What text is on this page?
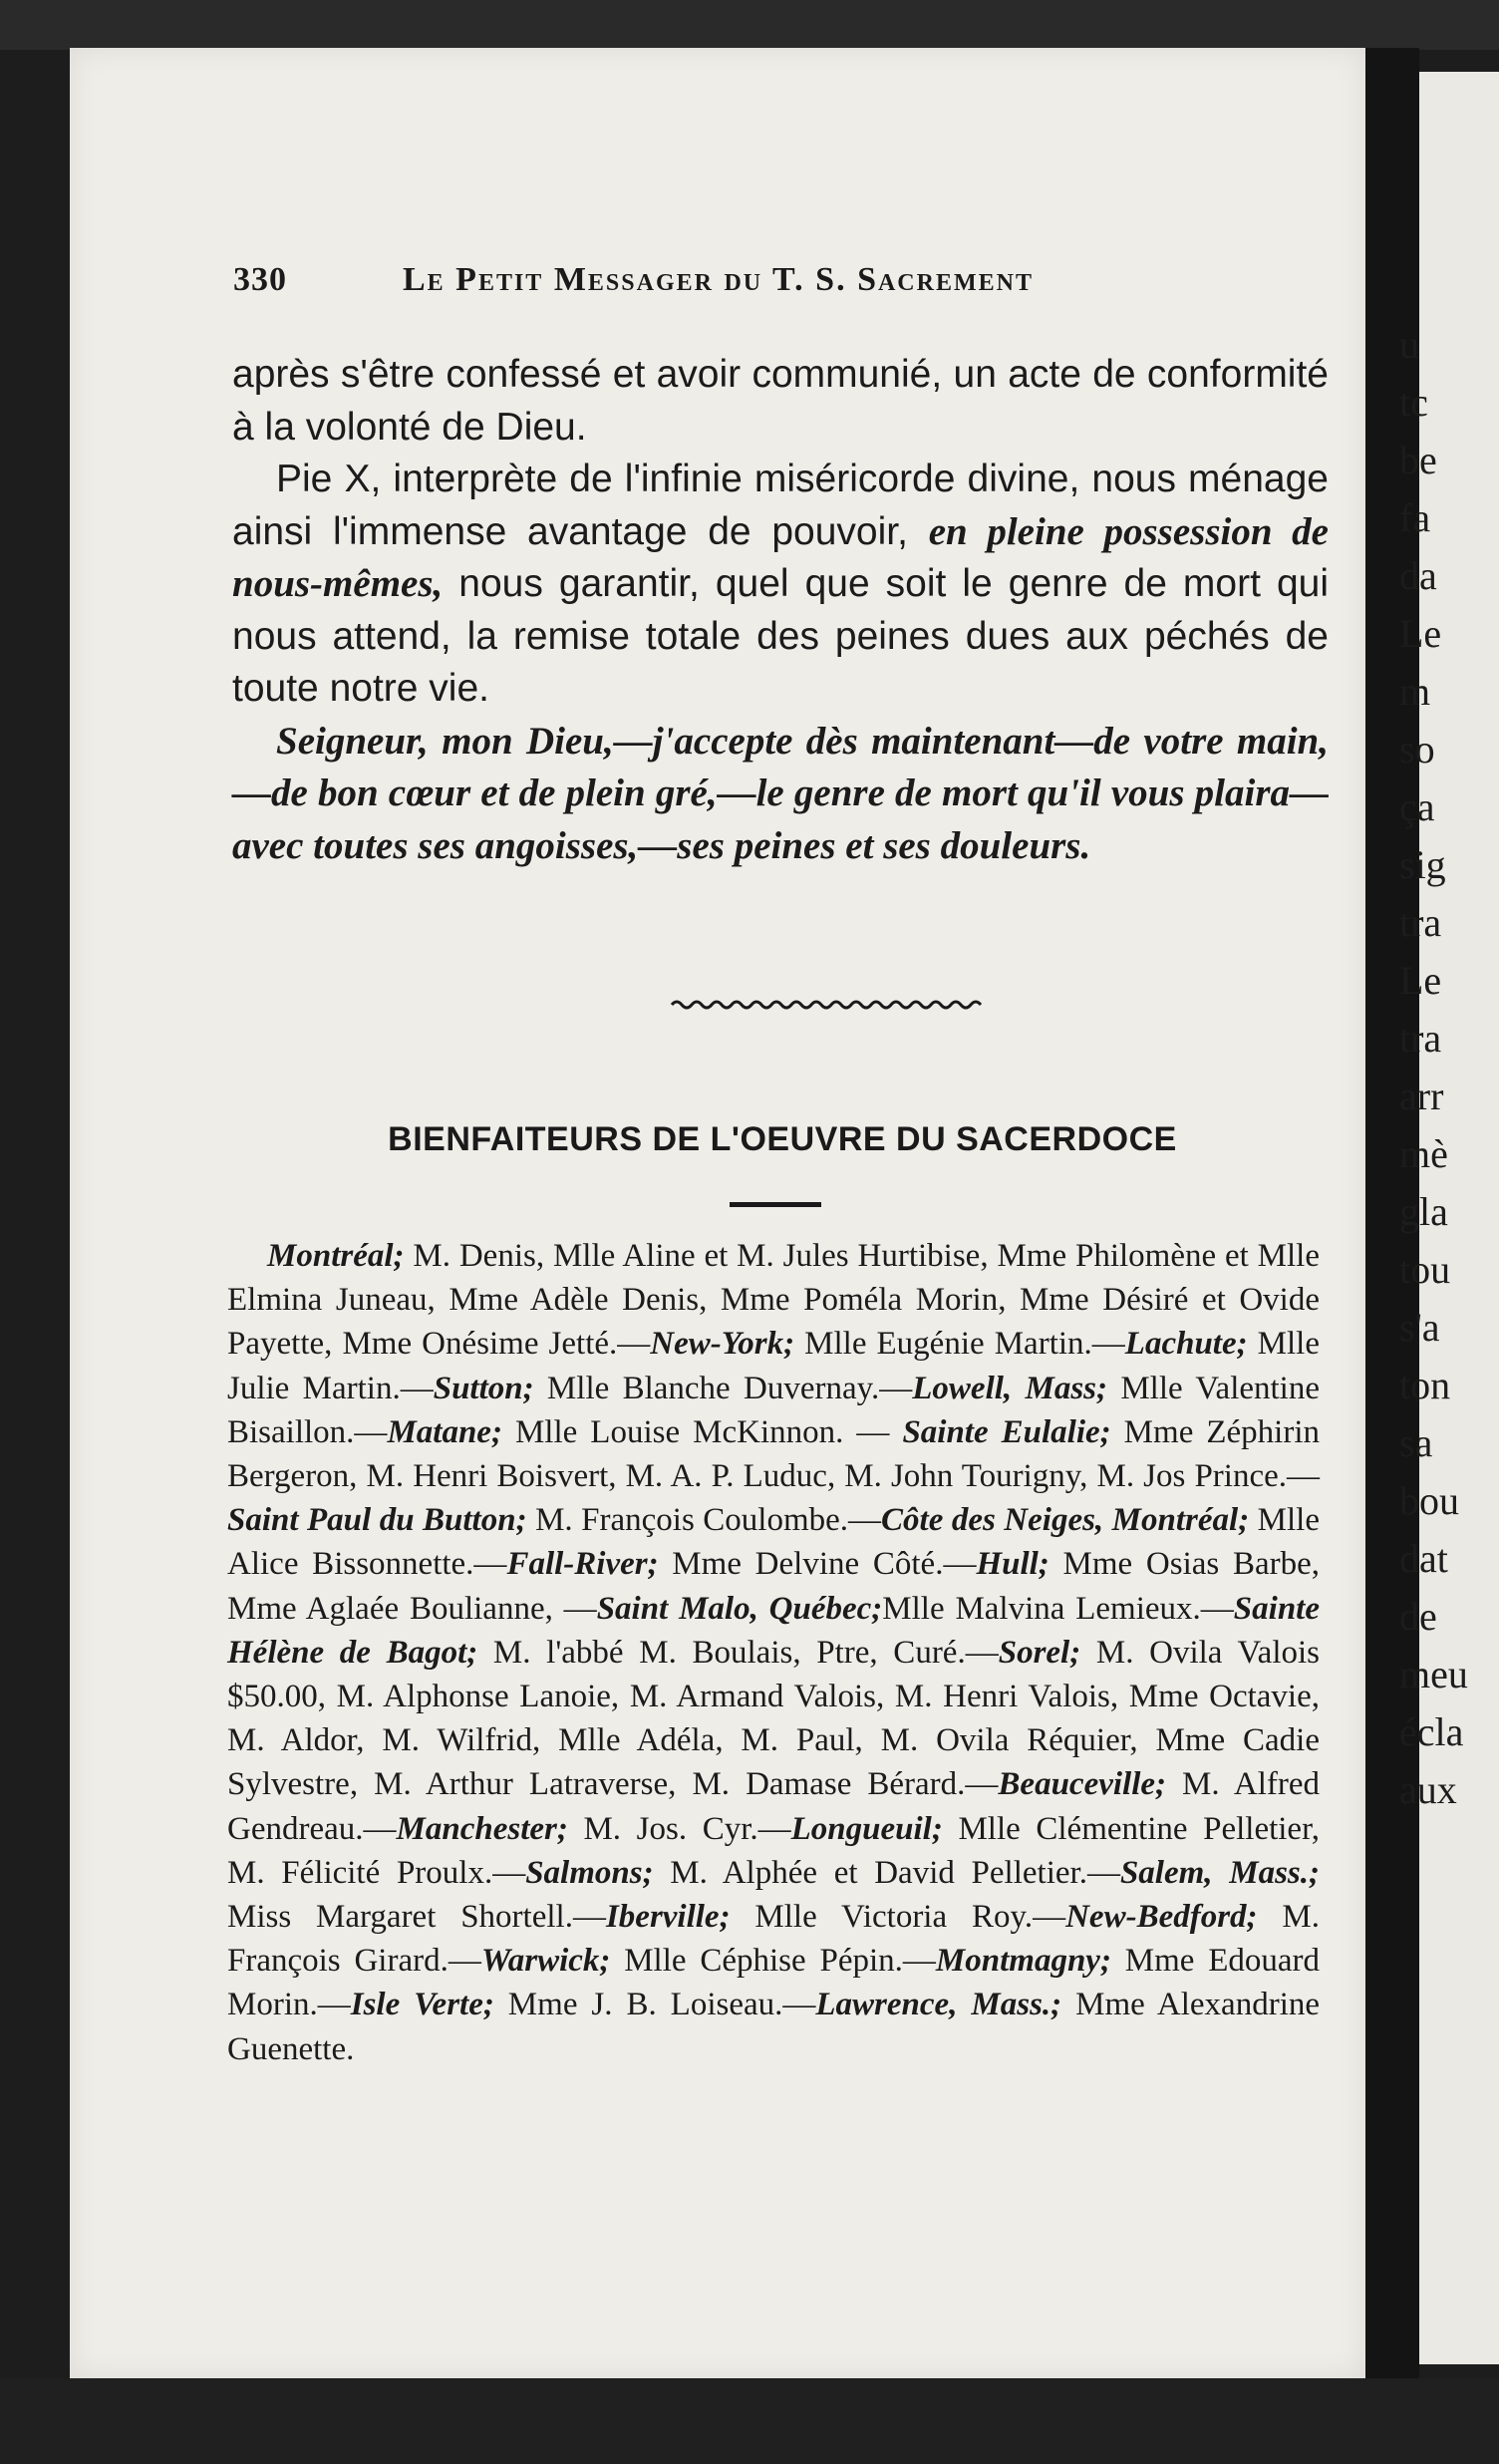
330	Le Petit Messager du T. S. Sacrement

après s'être confessé et avoir communié, un acte de conformité à la volonté de Dieu.

Pie X, interprète de l'infinie miséricorde divine, nous ménage ainsi l'immense avantage de pouvoir, en pleine possession de nous-mêmes, nous garantir, quel que soit le genre de mort qui nous attend, la remise totale des peines dues aux péchés de toute notre vie.

Seigneur, mon Dieu,—j'accepte dès maintenant—de votre main,—de bon cœur et de plein gré,—le genre de mort qu'il vous plaira—avec toutes ses angoisses,—ses peines et ses douleurs.

BIENFAITEURS DE L'OEUVRE DU SACERDOCE
Montréal; M. Denis, Mlle Aline et M. Jules Hurtibise, Mme Philomène et Mlle Elmina Juneau, Mme Adèle Denis, Mme Poméla Morin, Mme Désiré et Ovide Payette, Mme Onésime Jetté.—New-York; Mlle Eugénie Martin.—Lachute; Mlle Julie Martin.—Sutton; Mlle Blanche Duvernay.—Lowell, Mass; Mlle Valentine Bisaillon.—Matane; Mlle Louise McKinnon. — Sainte Eulalie; Mme Zéphirin Bergeron, M. Henri Boisvert, M. A. P. Luduc, M. John Tourigny, M. Jos Prince.—Saint Paul du Button; M. François Coulombe.—Côte des Neiges, Montréal; Mlle Alice Bissonnette.—Fall-River; Mme Delvine Côté.—Hull; Mme Osias Barbe, Mme Aglaée Boulianne, —Saint Malo, Québec;Mlle Malvina Lemieux.—Sainte Hélène de Bagot; M. l'abbé M. Boulais, Ptre, Curé.—Sorel; M. Ovila Valois $50.00, M. Alphonse Lanoie, M. Armand Valois, M. Henri Valois, Mme Octavie, M. Aldor, M. Wilfrid, Mlle Adéla, M. Paul, M. Ovila Réquier, Mme Cadie Sylvestre, M. Arthur Latraverse, M. Damase Bérard.—Beauceville; M. Alfred Gendreau.—Manchester; M. Jos. Cyr.—Longueuil; Mlle Clémentine Pelletier, M. Félicité Proulx.—Salmons; M. Alphée et David Pelletier.—Salem, Mass.; Miss Margaret Shortell.—Iberville; Mlle Victoria Roy.—New-Bedford; M. François Girard.—Warwick; Mlle Céphise Pépin.—Montmagny; Mme Edouard Morin.—Isle Verte; Mme J. B. Loiseau.—Lawrence, Mass.; Mme Alexandrine Guenette.
u
tc
be
fa
da
Le
m
so
ça
sig
tra
Le
tra
arr
mè
gla
tou
s'a
ton
sa
bou
dat
de
meu
écla
aux
